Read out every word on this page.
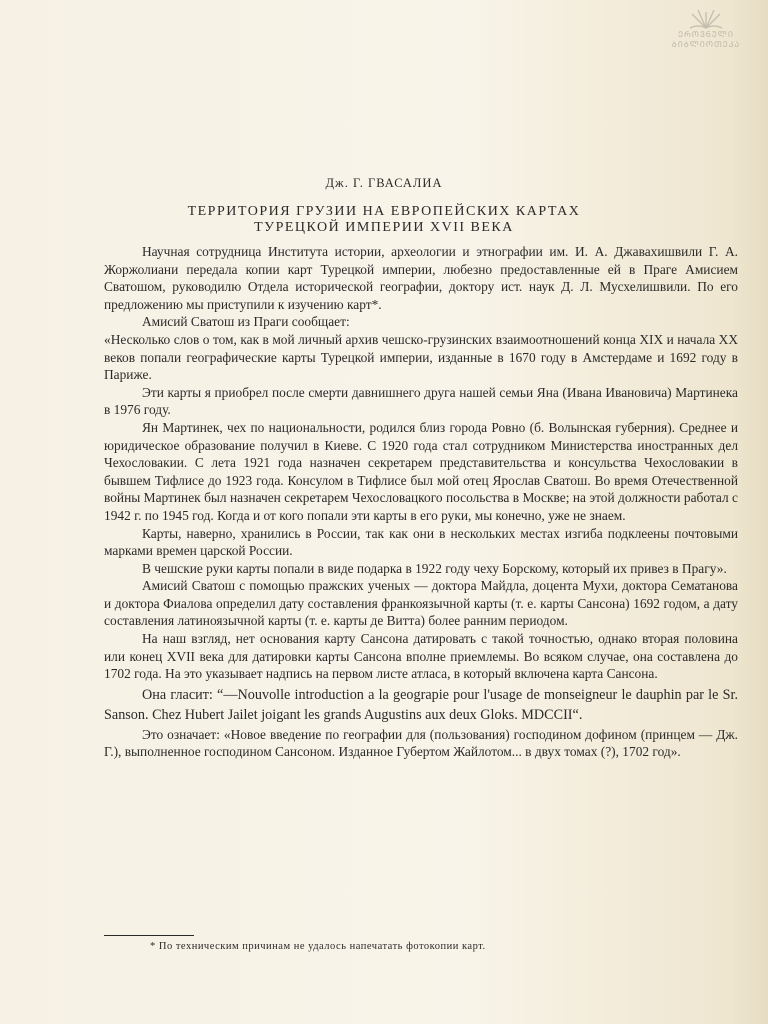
ᲔᲠᲝᲕᲜᲣᲚᲘ
ᲑᲘᲑᲚᲘᲝᲗᲔᲙᲐ
Дж. Г. ГВАСАЛИА
ТЕРРИТОРИЯ ГРУЗИИ НА ЕВРОПЕЙСКИХ КАРТАХ
ТУРЕЦКОЙ ИМПЕРИИ XVII ВЕКА

Научная сотрудница Института истории, археологии и этнографии им. И. А. Джавахишвили Г. А. Жоржолиани передала копии карт Турецкой империи, любезно предоставленные ей в Праге Амисием Сватошом, руководилю Отдела исторической географии, доктору ист. наук Д. Л. Мусхелишвили. По его предложению мы приступили к изучению карт*.

Амисий Сватош из Праги сообщает:

«Несколько слов о том, как в мой личный архив чешско-грузинских взаимоотношений конца XIX и начала XX веков попали географические карты Турецкой империи, изданные в 1670 году в Амстердаме и 1692 году в Париже.

Эти карты я приобрел после смерти давнишнего друга нашей семьи Яна (Ивана Ивановича) Мартинека в 1976 году.

Ян Мартинек, чех по национальности, родился близ города Ровно (б. Волынская губерния). Среднее и юридическое образование получил в Киеве. С 1920 года стал сотрудником Министерства иностранных дел Чехословакии. С лета 1921 года назначен секретарем представительства и консульства Чехословакии в бывшем Тифлисе до 1923 года. Консулом в Тифлисе был мой отец Ярослав Сватош. Во время Отечественной войны Мартинек был назначен секретарем Чехословацкого посольства в Москве; на этой должности работал с 1942 г. по 1945 год. Когда и от кого попали эти карты в его руки, мы конечно, уже не знаем.

Карты, наверно, хранились в России, так как они в нескольких местах изгиба подклеены почтовыми марками времен царской России.

В чешские руки карты попали в виде подарка в 1922 году чеху Борскому, который их привез в Прагу».

Амисий Сватош с помощью пражских ученых — доктора Майдла, доцента Мухи, доктора Сематанова и доктора Фиалова определил дату составления франкоязычной карты (т. е. карты Сансона) 1692 годом, а дату составления латиноязычной карты (т. е. карты де Витта) более ранним периодом.

На наш взгляд, нет основания карту Сансона датировать с такой точностью, однако вторая половина или конец XVII века для датировки карты Сансона вполне приемлемы. Во всяком случае, она составлена до 1702 года. На это указывает надпись на первом листе атласа, в который включена карта Сансона.

Она гласит: “—Nouvolle introduction a la geograpie pour l'usage de monseigneur le dauphin par le Sr. Sanson. Chez Hubert Jailet joigant les grands Augustins aux deux Gloks. MDCCII“.

Это означает: «Новое введение по географии для (пользования) господином дофином (принцем — Дж. Г.), выполненное господином Сансоном. Изданное Губертом Жайлотом... в двух томах (?), 1702 год».

* По техническим причинам не удалось напечатать фотокопии карт.
